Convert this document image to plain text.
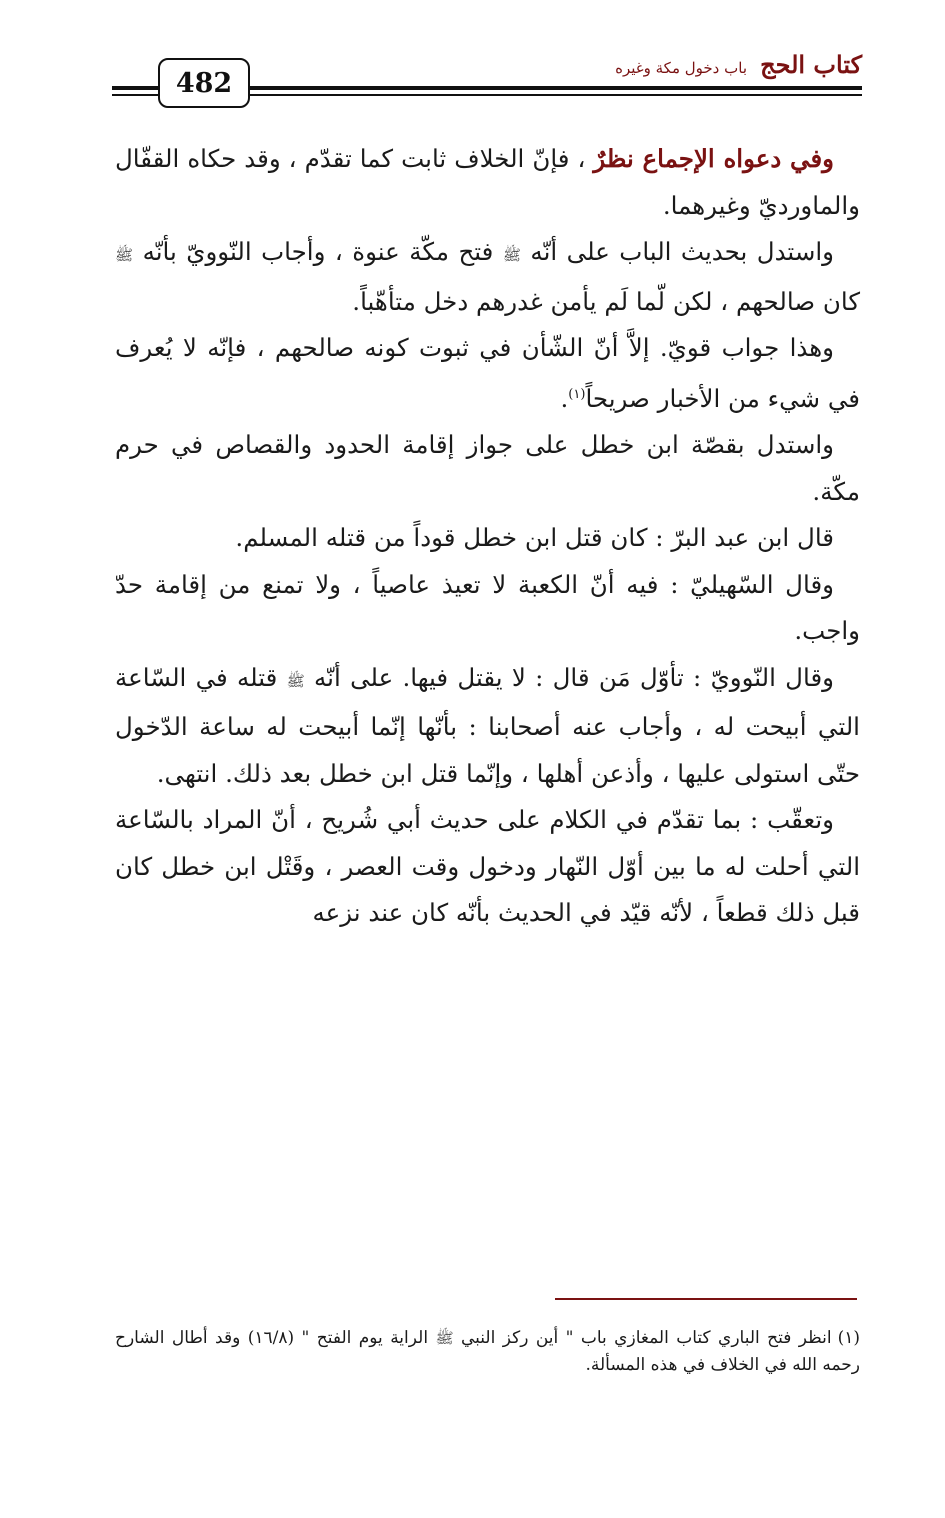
482
كتاب الحج باب دخول مكة وغيره

وفي دعواه الإجماع نظرٌ ، فإنّ الخلاف ثابت كما تقدّم ، وقد حكاه القفّال والماورديّ وغيرهما.

واستدل بحديث الباب على أنّه ﷺ فتح مكّة عنوة ، وأجاب النّوويّ بأنّه ﷺ كان صالحهم ، لكن لّما لَم يأمن غدرهم دخل متأهّباً.

وهذا جواب قويّ. إلاَّ أنّ الشّأن في ثبوت كونه صالحهم ، فإنّه لا يُعرف في شيء من الأخبار صريحاً$^{(١)}$.

واستدل بقصّة ابن خطل على جواز إقامة الحدود والقصاص في حرم مكّة.

قال ابن عبد البرّ : كان قتل ابن خطل قوداً من قتله المسلم.

وقال السّهيليّ : فيه أنّ الكعبة لا تعيذ عاصياً ، ولا تمنع من إقامة حدّ واجب.

وقال النّوويّ : تأوّل مَن قال : لا يقتل فيها. على أنّه ﷺ قتله في السّاعة التي أبيحت له ، وأجاب عنه أصحابنا : بأنّها إنّما أبيحت له ساعة الدّخول حتّى استولى عليها ، وأذعن أهلها ، وإنّما قتل ابن خطل بعد ذلك. انتهى.

وتعقّب : بما تقدّم في الكلام على حديث أبي شُريح ، أنّ المراد بالسّاعة التي أحلت له ما بين أوّل النّهار ودخول وقت العصر ، وقَتْل ابن خطل كان قبل ذلك قطعاً ، لأنّه قيّد في الحديث بأنّه كان عند نزعه

(١)انظر فتح الباري كتاب المغازي باب " أين ركز النبي ﷺ الراية يوم الفتح " (١٦/٨) وقد أطال الشارح رحمه الله في الخلاف في هذه المسألة.
